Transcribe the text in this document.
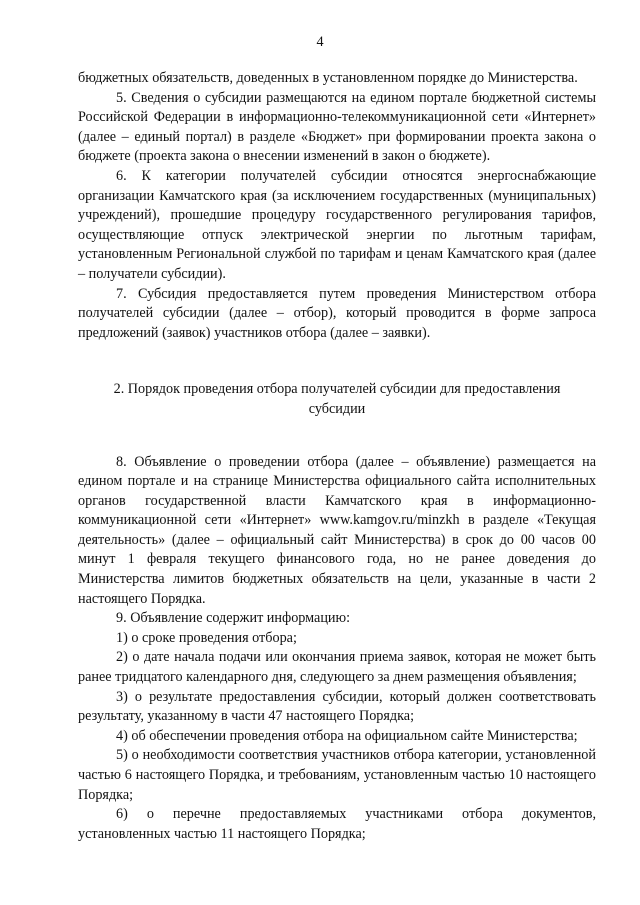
4

бюджетных обязательств, доведенных в установленном порядке до Министерства.

5. Сведения о субсидии размещаются на едином портале бюджетной системы Российской Федерации в информационно-телекоммуникационной сети «Интернет» (далее – единый портал) в разделе «Бюджет» при формировании проекта закона о бюджете (проекта закона о внесении изменений в закон о бюджете).

6. К категории получателей субсидии относятся энергоснабжающие организации Камчатского края (за исключением государственных (муниципальных) учреждений), прошедшие процедуру государственного регулирования тарифов, осуществляющие отпуск электрической энергии по льготным тарифам, установленным Региональной службой по тарифам и ценам Камчатского края (далее – получатели субсидии).

7. Субсидия предоставляется путем проведения Министерством отбора получателей субсидии (далее – отбор), который проводится в форме запроса предложений (заявок) участников отбора (далее – заявки).

2. Порядок проведения отбора получателей субсидии для предоставления субсидии

8. Объявление о проведении отбора (далее – объявление) размещается на едином портале и на странице Министерства официального сайта исполнительных органов государственной власти Камчатского края в информационно-коммуникационной сети «Интернет» www.kamgov.ru/minzkh в разделе «Текущая деятельность» (далее – официальный сайт Министерства) в срок до 00 часов 00 минут 1 февраля текущего финансового года, но не ранее доведения до Министерства лимитов бюджетных обязательств на цели, указанные в части 2 настоящего Порядка.

9. Объявление содержит информацию:

1) о сроке проведения отбора;

2) о дате начала подачи или окончания приема заявок, которая не может быть ранее тридцатого календарного дня, следующего за днем размещения объявления;

3) о результате предоставления субсидии, который должен соответствовать результату, указанному в части 47 настоящего Порядка;

4) об обеспечении проведения отбора на официальном сайте Министерства;

5) о необходимости соответствия участников отбора категории, установленной частью 6 настоящего Порядка, и требованиям, установленным частью 10 настоящего Порядка;

6) о перечне предоставляемых участниками отбора документов, установленных частью 11 настоящего Порядка;
